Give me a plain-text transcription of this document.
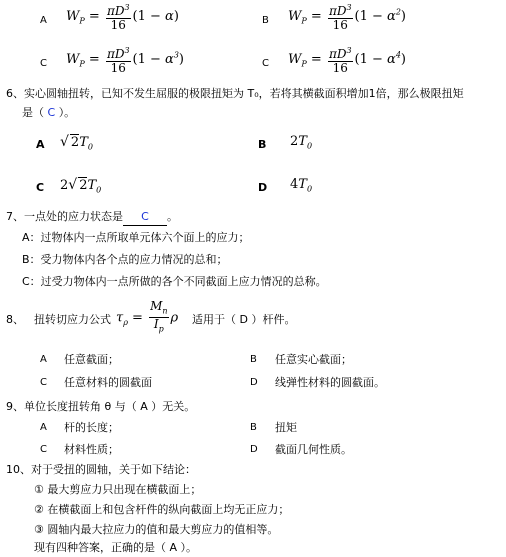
A $W_P = \frac{\pi D^3}{16} (1 - \alpha)$	B $W_P = \frac{\pi D^3}{16} (1 - \alpha^2)$
C $W_P = \frac{\pi D^3}{16} (1 - \alpha^3)$	C $W_P = \frac{\pi D^3}{16} (1 - \alpha^4)$
6、实心圆轴扭转，已知不发生屈服的极限扭矩为 T₀，若将其横截面积增加1倍，那么极限扭矩
是（ C ）。
A √ $2T_0$	B $2T_0$
C 2√ $2T_0$	D $4T_0$
7、一点处的应力状态是 C 。
A：过物体内一点所取单元体六个面上的应力；
B：受力物体内各个点的应力情况的总和；
C：过受力物体内一点所做的各个不同截面上应力情况的总称。
8、 扭转切应力公式 $\tau_\rho = \frac{M_n}{I_p}$ ρ 适用于（ D ）杆件。
A 任意截面；	B 任意实心截面；
C 任意材料的圆截面	D 线弹性材料的圆截面。
9、单位长度扭转角 θ 与（ A ）无关。
A 杆的长度；	B 扭矩
C 材料性质；	D 截面几何性质。
10、对于受扭的圆轴，关于如下结论：
① 最大剪应力只出现在横截面上；
② 在横截面上和包含杆件的纵向截面上均无正应力；
③ 圆轴内最大拉应力的值和最大剪应力的值相等。
现有四种答案，正确的是（ A ）。
